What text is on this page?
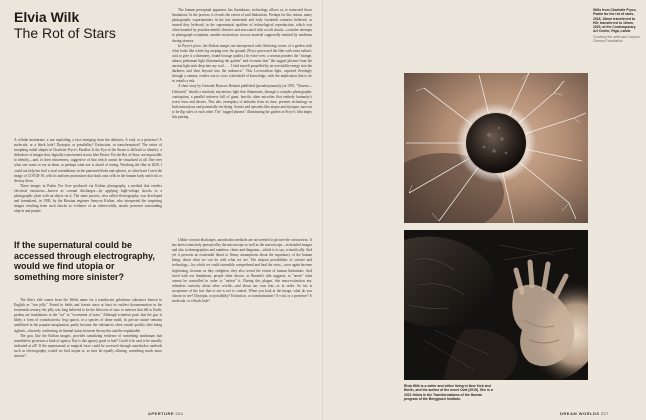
Elvia Wilk
The Rot of Stars

A cellular membrane, a star exploding, a face emerging from the darkness. A void, or a presence? A molecule, or a black hole? Dystopia, or possibility? Extinction, or transformation? The series of morphing radial shapes in Charlotte Pryce's Parallax Is the Eye of the Storm is difficult to identify: a slideshow of images that, digitally transformed across film Pavlov Yes the Rot of Stars, are impossible to identify—and, in their elusiveness, suggestive of that which cannot be visualized at all. One sees what one wants to see in them, or perhaps what one is afraid of seeing. Watching the film in 2020, I could not help but find a viral resemblance in the patterned blobs and spheres, so often have I seen the image of COVID-19, with its uniform protrusions that hook onto cells in the human body and trick or destroy them.

These images in Psalm For Acre produced via Kirlian photography, a method that renders electrical emissions—known as coronal discharges—by applying high-voltage shocks to a photographic plate with an object on it. The same process, also called electrography, was developed and formalized, in 1939, by the Russian engineer Semyon Kirlian, who interpreted the surprising images resulting from such shocks as evidence of an otherworldly, auratic presence surrounding objects and people.

If the supernatural could be accessed through electrography, would we find utopia or something more sinister?

The film's title comes from the Welsh name for a translucent gelatinous substance known in English as "star jelly." Found in fields and forests since at least its earliest documentation in the fourteenth century, the jelly was long believed to be the leftovers of stars or meteors that fell to Earth; psalms are translations to the "rot" or "excrement of stars." Although scientists posit that the goo is likely a form of cyanobacteria, frog spawn, or a species of slime mold, its precise nature remains undefined in the popular imagination, partly because the substances often vanish quickly after being sighted—elusively confirming its liminal status between the mythic and the explainable.

The goo, like the Kirlian images, provides tantalizing evidence of something nonhuman that nonetheless possesses a kind of agency. But is this agency good or bad? Could it be said to be morally indicated at all? If the supernatural or magical force could be accessed through unorthodox methods such as electrography, would we find utopia or, as may be equally alluring, something much more sinister?

The human perceptual apparatus has limitations; technology allows us to transcend those limitations. In the process, it reveals the extent of said limitations. Perhaps for this reason, many photographic experimenters in the late nineteenth and early twentieth centuries believed, or trusted they believed, in the supernatural qualities of technological reproduction, which was often haunted by pseudoscientific theories and associated with occult rituals—consider attempts to photograph ectoplasm, another mysterious viscous material supposedly emitted by mediums during séances.

In Pryce's piece, the Kirlian images are interspersed with flickering scenes of a garden with what looks like white fog seeping over the ground. (Pryce processed the film with extra sulfuric acid to give it a shimmery, found-footage quality.) In voice-over, a woman ponders the "strange, almost prehuman light illuminating the garden" and recounts that "the rugged phorms from the ancient light sink deep into my soul. . . . I find myself propelled by an irresistible energy into the darkness and then beyond into the unknown." This Lovecraftian light, captured fleetingly through a camera, evokes one to cross a threshold of knowledge, with the implication that to do so entails a risk.

A short story by Gertrude Barrows Bennett published (pseudonymously) in 1919, "Unseen—Unfeared," details a similarly mysterious light that illuminates, through a complex photographic contraption, a parallel universe full of giant, horrific alien microbes that embody humanity's worst fears and desires. This tale, exemplary of attitudes from its time, presents technology as both miraculous and potentially terrifying. Scenes and episodes like utopia and dystopia, turn out to be flip sides of each other. The "rugged phorms" illuminating the garden in Pryce's film imply this pairing.

Unlike coronal discharges, unorthodox methods are not needed to picture the coronavirus. It has been extensively portrayed by the microscope as well as the macroscope—in detailed images and also in demographics and numbers, charts and diagrams—which is to say, scientifically. And yet it presents an existential threat to flimsy assumptions about the supremacy of the human being: about what we can do with what we see. The utopian possibilities of science and technology—by which we could ostensibly comprehend and heal the virus—once again become frightening, because as they enlighten, they also reveal the extent of human limitations. And faced with our limitations, people often choose, as Bennett's title suggests, to "unsee" what cannot be controlled in order to "unfear" it. During this plague, this mass-extinction era, relentless curiosity about other worlds—and about our own fear—is in order. So too is acceptance of the fact that to see is not to control. When you look at the image, what do you choose to see? Dystopia, or possibility? Extinction, or transformation? A void, or a presence? A molecule, or a black hole?

Stills from Charlotte Pryce, Psalm for the rot of stars, 2018, 16mm transferred to HD; transferred to 16mm, 2020, at the Contemporary Art Center, Riga, Latvia
Courtesy the artist and Canyon Cinema Foundation
Elvia Wilk is a writer and editor living in New York and Berlin, and the author of the novel Oval (2019). She is a 2021 fellow in the Transformations of the Human program of the Berggruen Institute.
APERTURE 224	DREAM WORLDS 227
